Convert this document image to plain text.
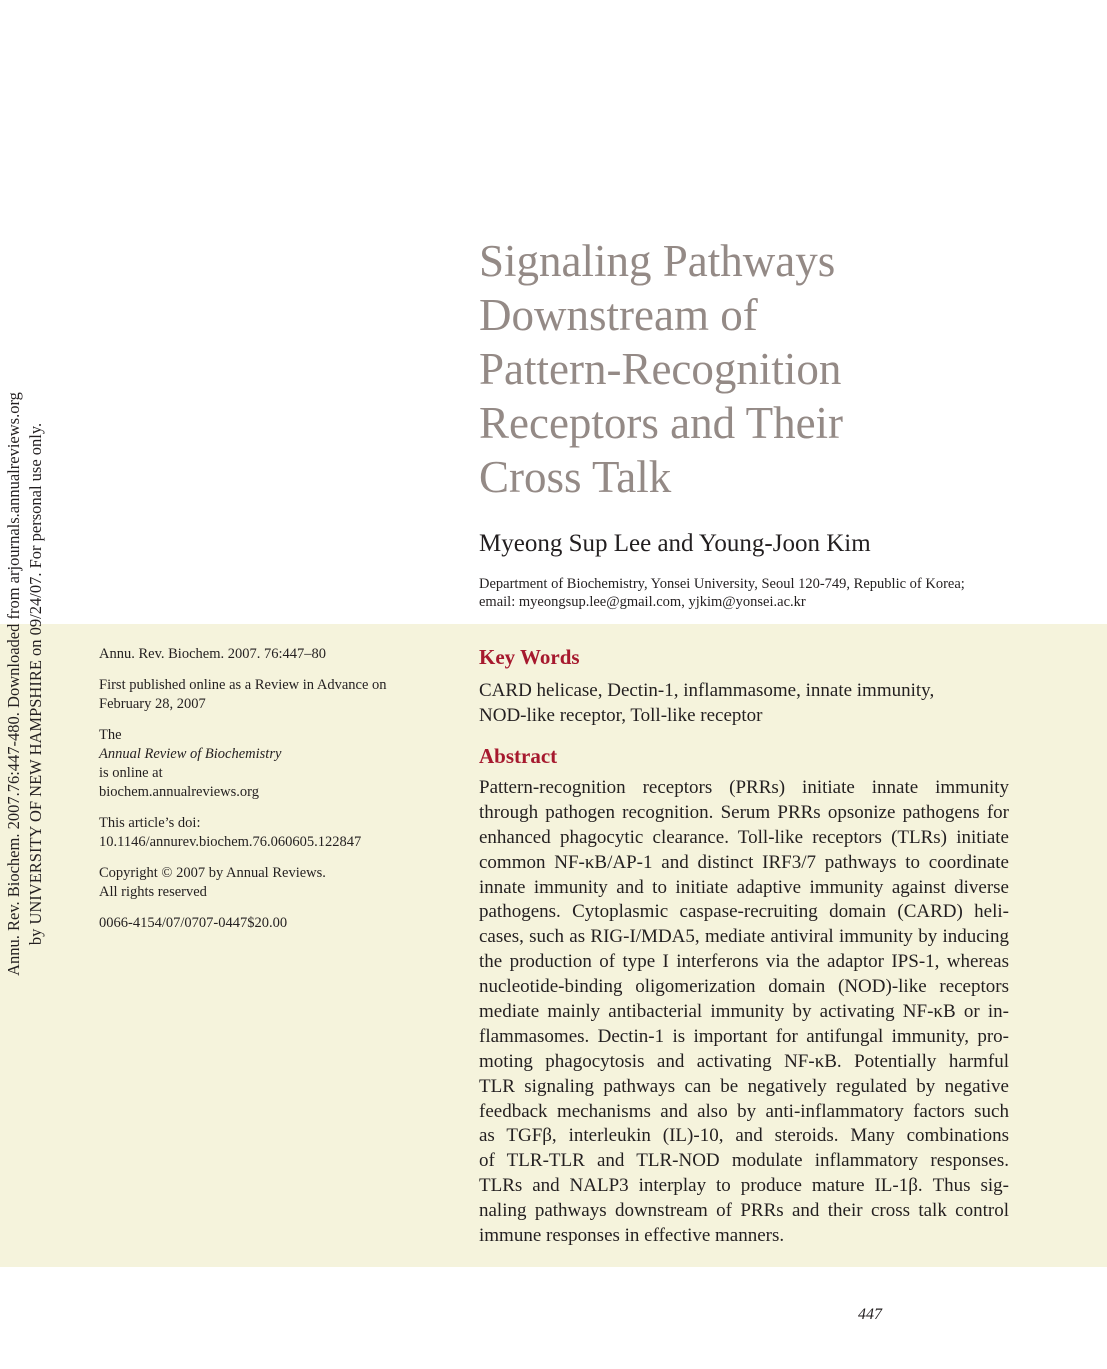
Annu. Rev. Biochem. 2007.76:447-480. Downloaded from arjournals.annualreviews.org by UNIVERSITY OF NEW HAMPSHIRE on 09/24/07. For personal use only.
Signaling Pathways
Downstream of
Pattern-Recognition
Receptors and Their
Cross Talk
Myeong Sup Lee and Young-Joon Kim
Department of Biochemistry, Yonsei University, Seoul 120-749, Republic of Korea;
email: myeongsup.lee@gmail.com, yjkim@yonsei.ac.kr

Annu. Rev. Biochem. 2007. 76:447–80

First published online as a Review in Advance on
February 28, 2007

The
Annual Review of Biochemistry
is online at
biochem.annualreviews.org

This article’s doi:
10.1146/annurev.biochem.76.060605.122847

Copyright © 2007 by Annual Reviews.
All rights reserved

0066-4154/07/0707-0447$20.00

Key Words
CARD helicase, Dectin-1, inflammasome, innate immunity,
NOD-like receptor, Toll-like receptor
Abstract

Pattern-recognition receptors (PRRs) initiate innate immunity
through pathogen recognition. Serum PRRs opsonize pathogens for
enhanced phagocytic clearance. Toll-like receptors (TLRs) initiate
common NF-κB/AP-1 and distinct IRF3/7 pathways to coordinate
innate immunity and to initiate adaptive immunity against diverse
pathogens. Cytoplasmic caspase-recruiting domain (CARD) heli-
cases, such as RIG-I/MDA5, mediate antiviral immunity by inducing
the production of type I interferons via the adaptor IPS-1, whereas
nucleotide-binding oligomerization domain (NOD)-like receptors
mediate mainly antibacterial immunity by activating NF-κB or in-
flammasomes. Dectin-1 is important for antifungal immunity, pro-
moting phagocytosis and activating NF-κB. Potentially harmful
TLR signaling pathways can be negatively regulated by negative
feedback mechanisms and also by anti-inflammatory factors such
as TGFβ, interleukin (IL)-10, and steroids. Many combinations
of TLR-TLR and TLR-NOD modulate inflammatory responses.
TLRs and NALP3 interplay to produce mature IL-1β. Thus sig-
naling pathways downstream of PRRs and their cross talk control
immune responses in effective manners.

447
